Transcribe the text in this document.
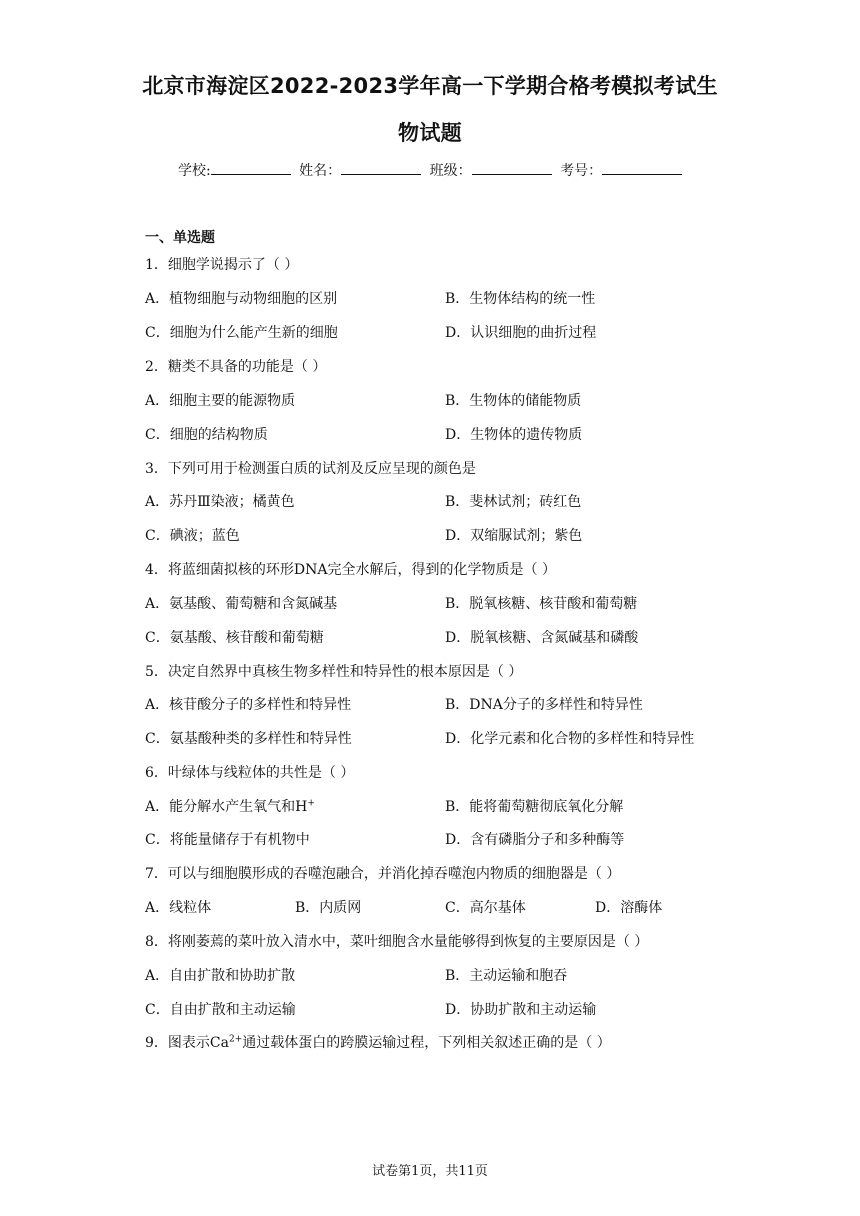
北京市海淀区2022-2023学年高一下学期合格考模拟考试生
物试题
学校:	姓名：	班级：	考号：
一、单选题
1．细胞学说揭示了（ ）
A．植物细胞与动物细胞的区别	B．生物体结构的统一性
C．细胞为什么能产生新的细胞	D．认识细胞的曲折过程
2．糖类不具备的功能是（ ）
A．细胞主要的能源物质	B．生物体的储能物质
C．细胞的结构物质	D．生物体的遗传物质
3．下列可用于检测蛋白质的试剂及反应呈现的颜色是
A．苏丹Ⅲ染液；橘黄色	B．斐林试剂；砖红色
C．碘液；蓝色	D．双缩脲试剂；紫色
4．将蓝细菌拟核的环形DNA完全水解后，得到的化学物质是（ ）
A．氨基酸、葡萄糖和含氮碱基	B．脱氧核糖、核苷酸和葡萄糖
C．氨基酸、核苷酸和葡萄糖	D．脱氧核糖、含氮碱基和磷酸
5．决定自然界中真核生物多样性和特异性的根本原因是（ ）
A．核苷酸分子的多样性和特异性	B．DNA分子的多样性和特异性
C．氨基酸种类的多样性和特异性	D．化学元素和化合物的多样性和特异性
6．叶绿体与线粒体的共性是（ ）
A．能分解水产生氧气和H+	B．能将葡萄糖彻底氧化分解
C．将能量储存于有机物中	D．含有磷脂分子和多种酶等
7．可以与细胞膜形成的吞噬泡融合，并消化掉吞噬泡内物质的细胞器是（ ）
A．线粒体	B．内质网	C．高尔基体	D．溶酶体
8．将刚萎蔫的菜叶放入清水中，菜叶细胞含水量能够得到恢复的主要原因是（ ）
A．自由扩散和协助扩散	B．主动运输和胞吞
C．自由扩散和主动运输	D．协助扩散和主动运输
9．图表示$Ca^{2+}$通过载体蛋白的跨膜运输过程，下列相关叙述正确的是（ ）
试卷第1页，共11页
